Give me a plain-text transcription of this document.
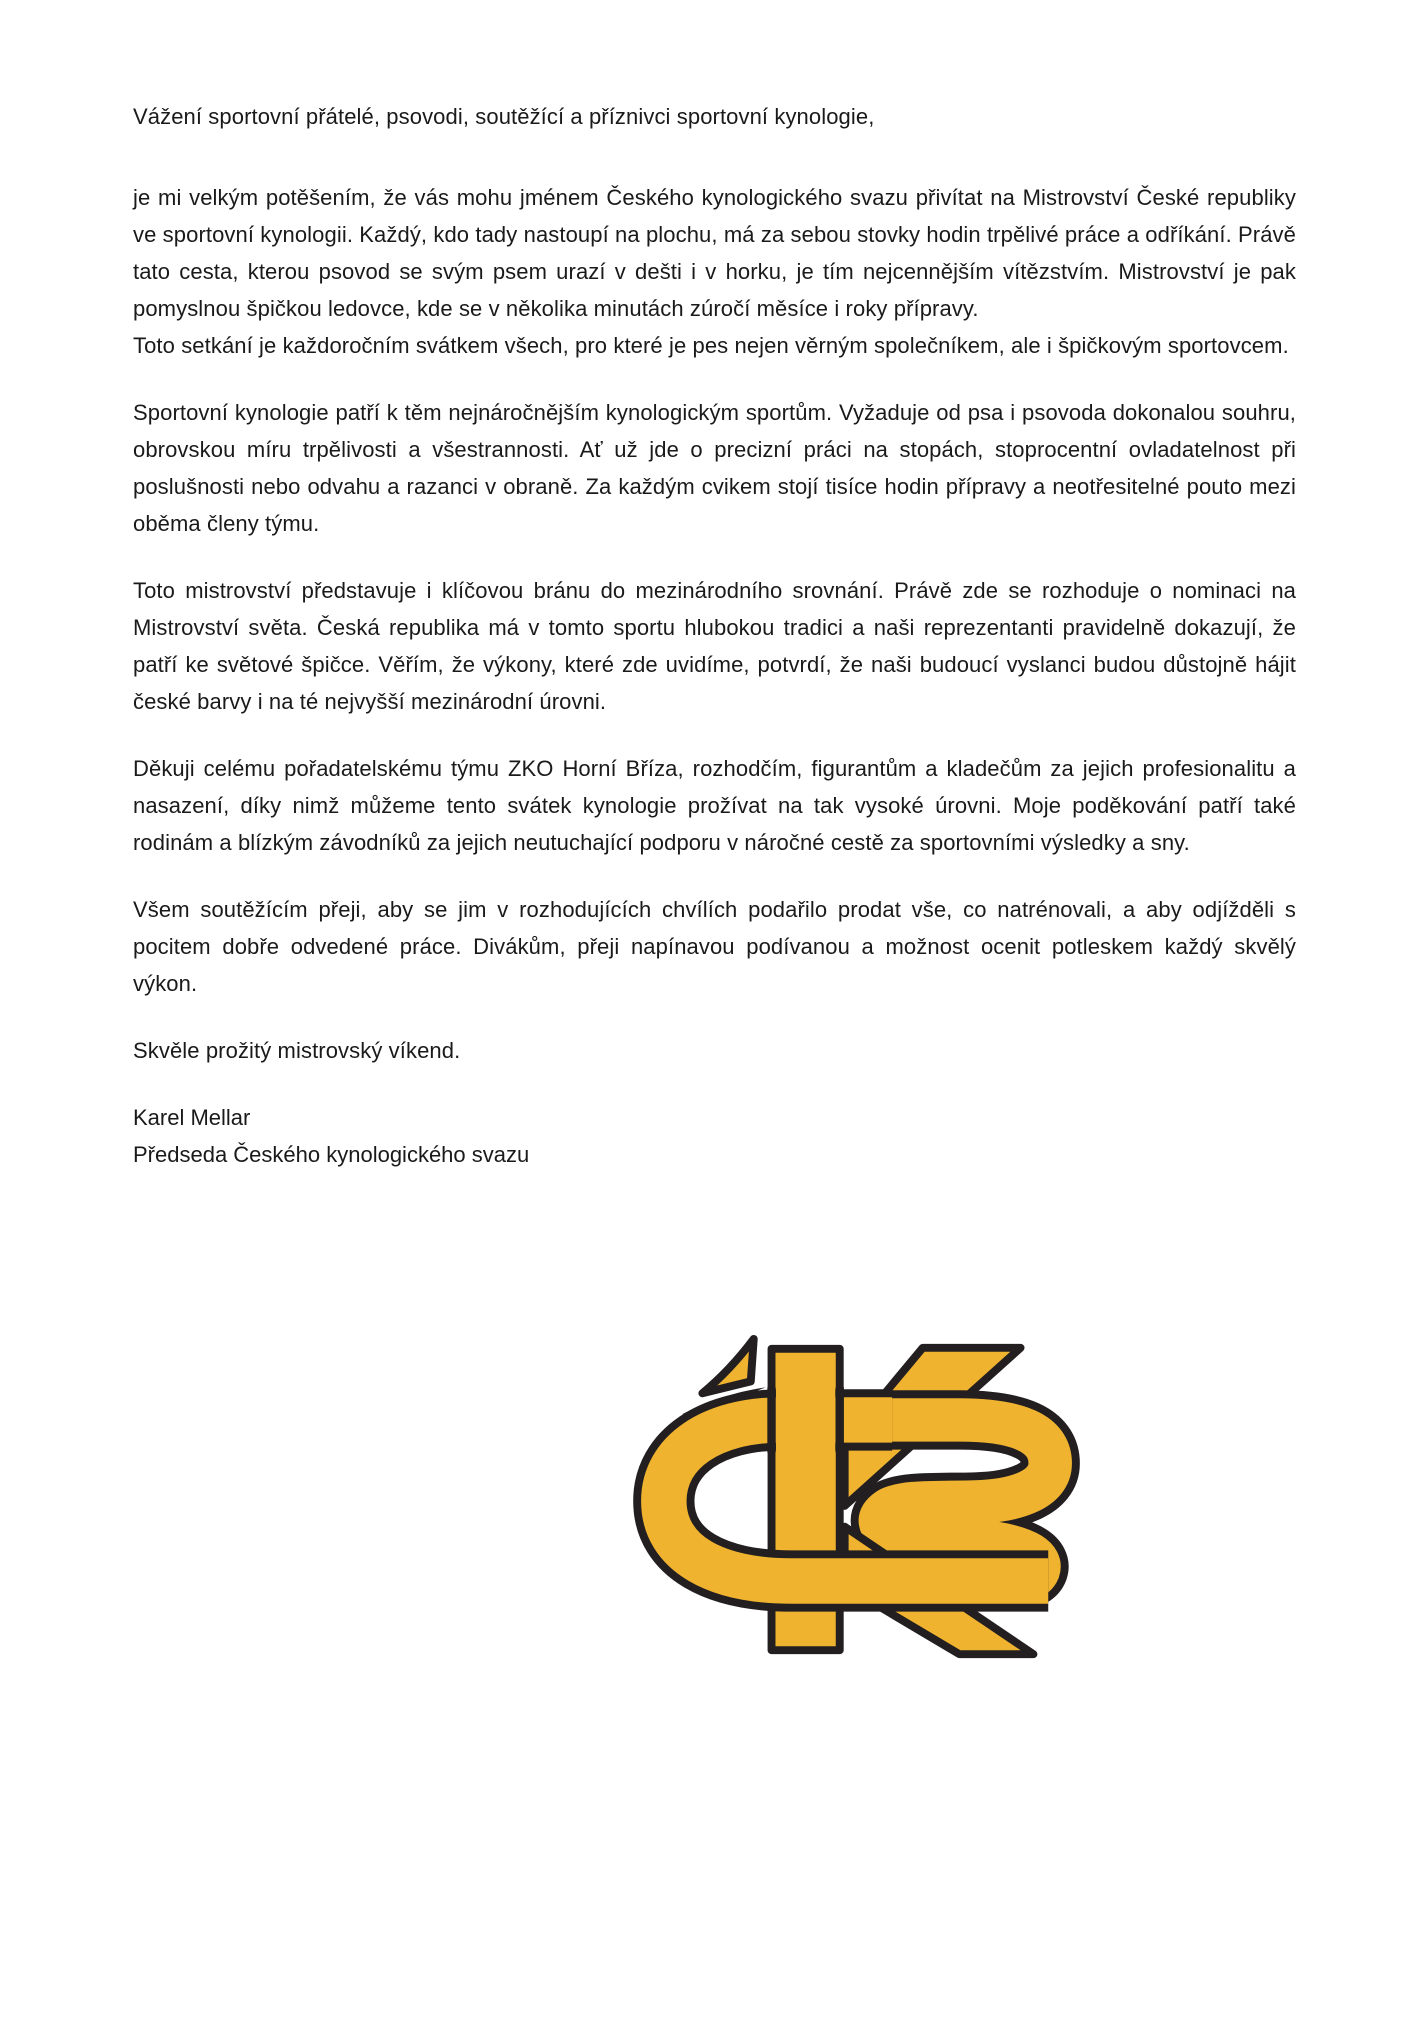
Vážení sportovní přátelé, psovodi, soutěžící a příznivci sportovní kynologie,

je mi velkým potěšením, že vás mohu jménem Českého kynologického svazu přivítat na Mistrovství České republiky ve sportovní kynologii. Každý, kdo tady nastoupí na plochu, má za sebou stovky hodin trpělivé práce a odříkání. Právě tato cesta, kterou psovod se svým psem urazí v dešti i v horku, je tím nejcennějším vítězstvím. Mistrovství je pak pomyslnou špičkou ledovce, kde se v několika minutách zúročí měsíce i roky přípravy.

Toto setkání je každoročním svátkem všech, pro které je pes nejen věrným společníkem, ale i špičkovým sportovcem.

Sportovní kynologie patří k těm nejnáročnějším kynologickým sportům. Vyžaduje od psa i psovoda dokonalou souhru, obrovskou míru trpělivosti a všestrannosti. Ať už jde o precizní práci na stopách, stoprocentní ovladatelnost při poslušnosti nebo odvahu a razanci v obraně. Za každým cvikem stojí tisíce hodin přípravy a neotřesitelné pouto mezi oběma členy týmu.

Toto mistrovství představuje i klíčovou bránu do mezinárodního srovnání. Právě zde se rozhoduje o nominaci na Mistrovství světa. Česká republika má v tomto sportu hlubokou tradici a naši reprezentanti pravidelně dokazují, že patří ke světové špičce. Věřím, že výkony, které zde uvidíme, potvrdí, že naši budoucí vyslanci budou důstojně hájit české barvy i na té nejvyšší mezinárodní úrovni.

Děkuji celému pořadatelskému týmu ZKO Horní Bříza, rozhodčím, figurantům a kladečům za jejich profesionalitu a nasazení, díky nimž můžeme tento svátek kynologie prožívat na tak vysoké úrovni. Moje poděkování patří také rodinám a blízkým závodníků za jejich neutuchající podporu v náročné cestě za sportovními výsledky a sny.

Všem soutěžícím přeji, aby se jim v rozhodujících chvílích podařilo prodat vše, co natrénovali, a aby odjížděli s pocitem dobře odvedené práce. Divákům, přeji napínavou podívanou a možnost ocenit potleskem každý skvělý výkon.

Skvěle prožitý mistrovský víkend.

Karel Mellar

Předseda Českého kynologického svazu
